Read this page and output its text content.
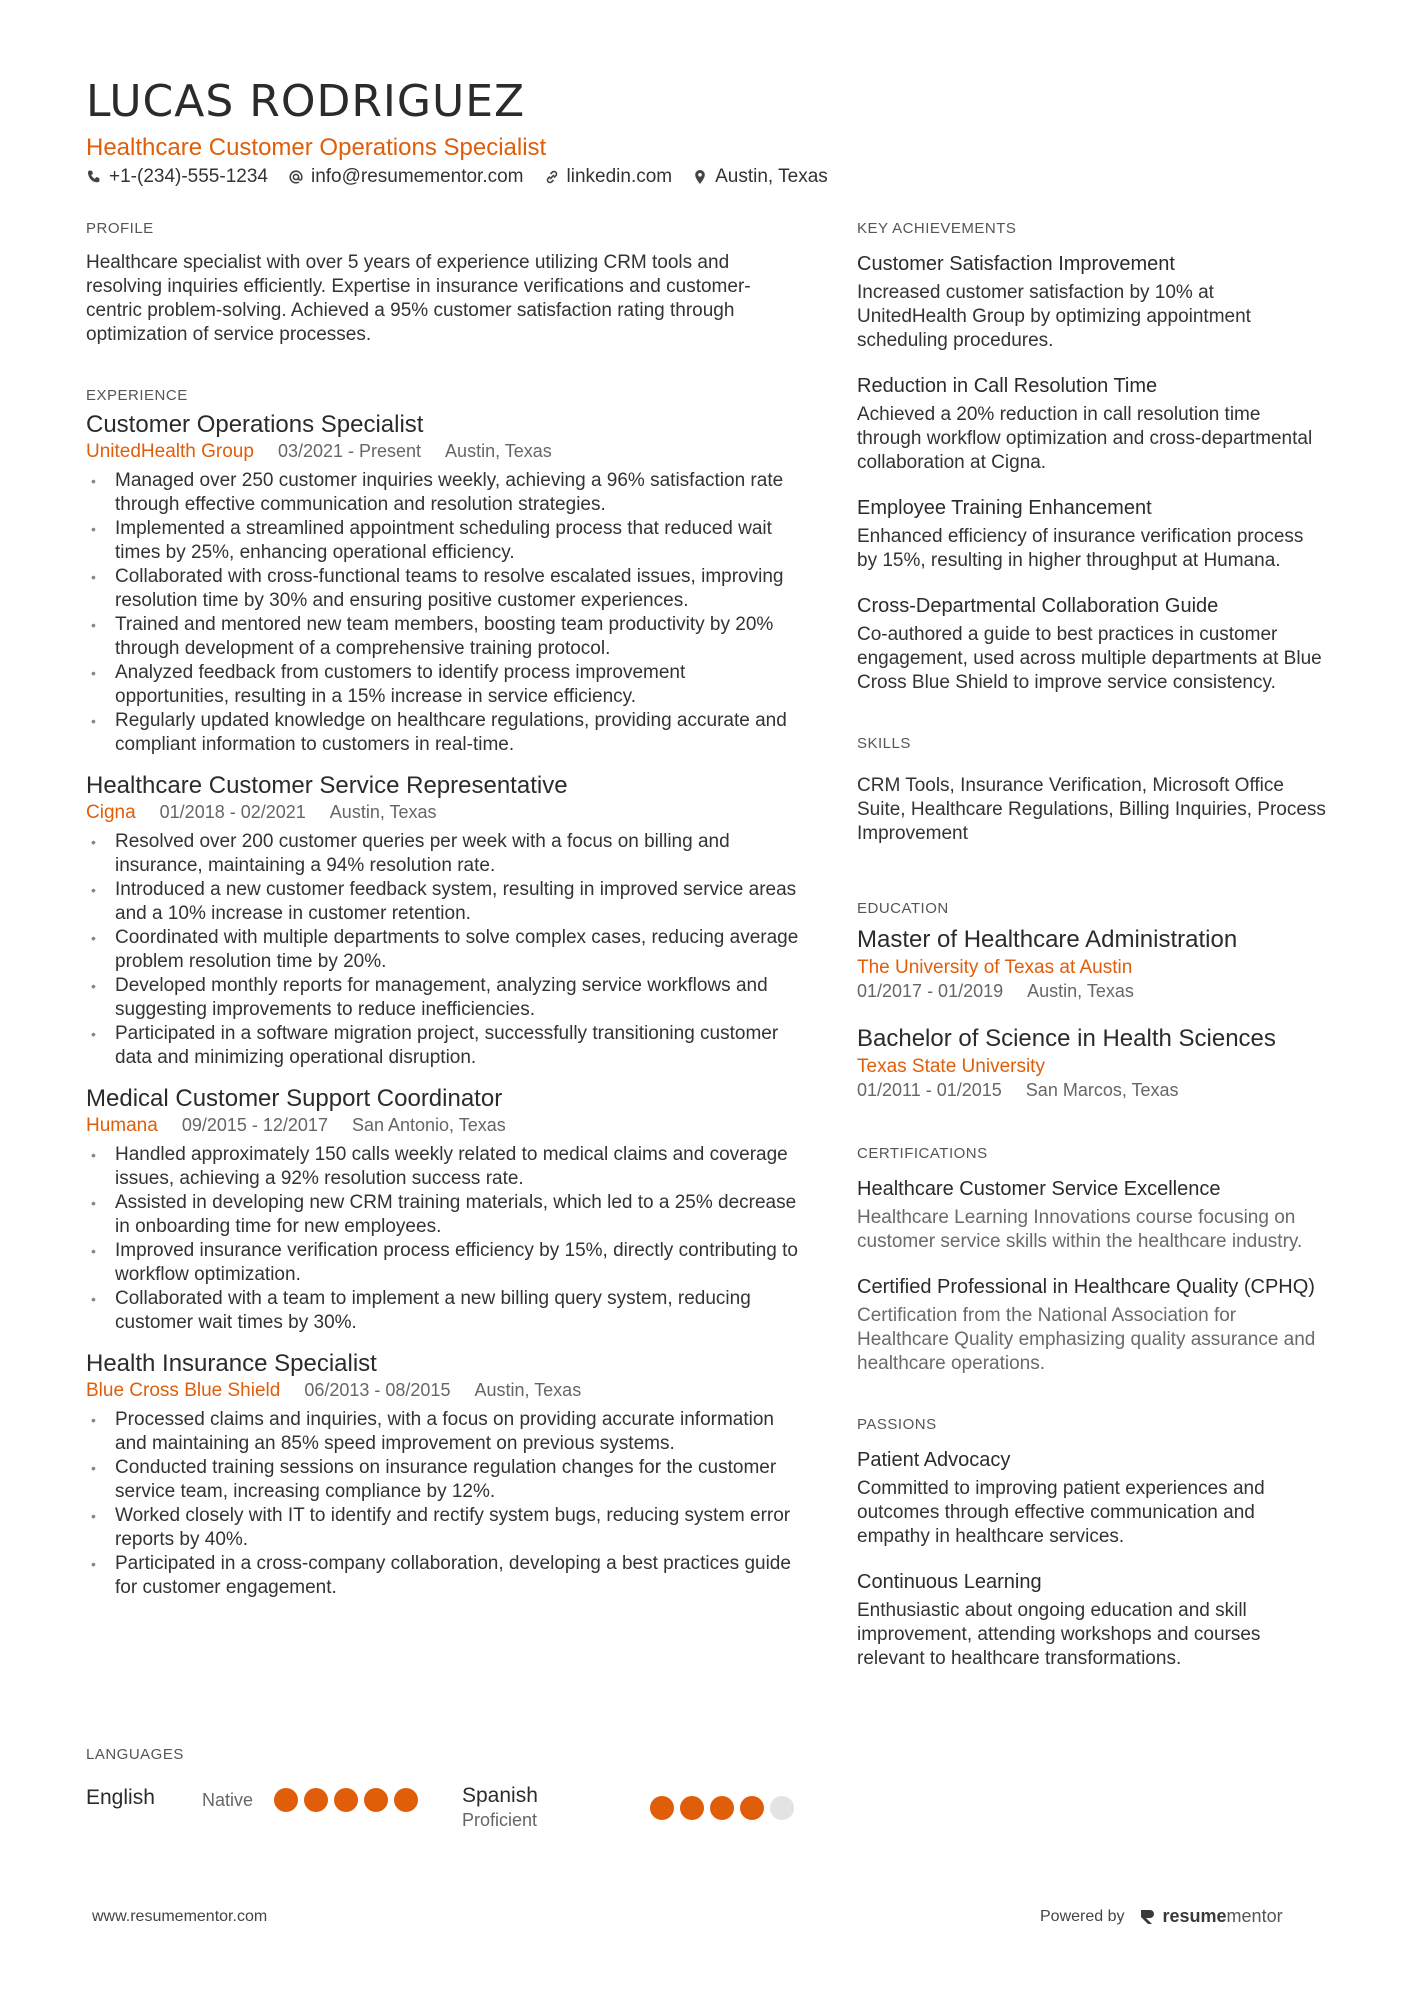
LUCAS RODRIGUEZ
Healthcare Customer Operations Specialist
+1-(234)-555-1234 info@resumementor.com linkedin.com Austin, Texas
PROFILE

Healthcare specialist with over 5 years of experience utilizing CRM tools and resolving inquiries efficiently. Expertise in insurance verifications and customer-centric problem-solving. Achieved a 95% customer satisfaction rating through optimization of service processes.

EXPERIENCE
Customer Operations Specialist
UnitedHealth Group 03/2021 - Present Austin, Texas
• Managed over 250 customer inquiries weekly, achieving a 96% satisfaction rate through effective communication and resolution strategies.
• Implemented a streamlined appointment scheduling process that reduced wait times by 25%, enhancing operational efficiency.
• Collaborated with cross-functional teams to resolve escalated issues, improving resolution time by 30% and ensuring positive customer experiences.
• Trained and mentored new team members, boosting team productivity by 20% through development of a comprehensive training protocol.
• Analyzed feedback from customers to identify process improvement opportunities, resulting in a 15% increase in service efficiency.
• Regularly updated knowledge on healthcare regulations, providing accurate and compliant information to customers in real-time.
Healthcare Customer Service Representative
Cigna 01/2018 - 02/2021 Austin, Texas
• Resolved over 200 customer queries per week with a focus on billing and insurance, maintaining a 94% resolution rate.
• Introduced a new customer feedback system, resulting in improved service areas and a 10% increase in customer retention.
• Coordinated with multiple departments to solve complex cases, reducing average problem resolution time by 20%.
• Developed monthly reports for management, analyzing service workflows and suggesting improvements to reduce inefficiencies.
• Participated in a software migration project, successfully transitioning customer data and minimizing operational disruption.
Medical Customer Support Coordinator
Humana 09/2015 - 12/2017 San Antonio, Texas
• Handled approximately 150 calls weekly related to medical claims and coverage issues, achieving a 92% resolution success rate.
• Assisted in developing new CRM training materials, which led to a 25% decrease in onboarding time for new employees.
• Improved insurance verification process efficiency by 15%, directly contributing to workflow optimization.
• Collaborated with a team to implement a new billing query system, reducing customer wait times by 30%.
Health Insurance Specialist
Blue Cross Blue Shield 06/2013 - 08/2015 Austin, Texas
• Processed claims and inquiries, with a focus on providing accurate information and maintaining an 85% speed improvement on previous systems.
• Conducted training sessions on insurance regulation changes for the customer service team, increasing compliance by 12%.
• Worked closely with IT to identify and rectify system bugs, reducing system error reports by 40%.
• Participated in a cross-company collaboration, developing a best practices guide for customer engagement.
LANGUAGES
English	Native	Spanish
Proficient
KEY ACHIEVEMENTS
Customer Satisfaction Improvement
Increased customer satisfaction by 10% at UnitedHealth Group by optimizing appointment scheduling procedures.
Reduction in Call Resolution Time
Achieved a 20% reduction in call resolution time through workflow optimization and cross-departmental collaboration at Cigna.
Employee Training Enhancement
Enhanced efficiency of insurance verification process by 15%, resulting in higher throughput at Humana.
Cross-Departmental Collaboration Guide
Co-authored a guide to best practices in customer engagement, used across multiple departments at Blue Cross Blue Shield to improve service consistency.
SKILLS

CRM Tools, Insurance Verification, Microsoft Office Suite, Healthcare Regulations, Billing Inquiries, Process Improvement

EDUCATION
Master of Healthcare Administration
The University of Texas at Austin
01/2017 - 01/2019 Austin, Texas
Bachelor of Science in Health Sciences
Texas State University
01/2011 - 01/2015 San Marcos, Texas
CERTIFICATIONS
Healthcare Customer Service Excellence
Healthcare Learning Innovations course focusing on customer service skills within the healthcare industry.
Certified Professional in Healthcare Quality (CPHQ)
Certification from the National Association for Healthcare Quality emphasizing quality assurance and healthcare operations.
PASSIONS
Patient Advocacy
Committed to improving patient experiences and outcomes through effective communication and empathy in healthcare services.
Continuous Learning
Enthusiastic about ongoing education and skill improvement, attending workshops and courses relevant to healthcare transformations.
www.resumementor.com	Powered by resumementor
